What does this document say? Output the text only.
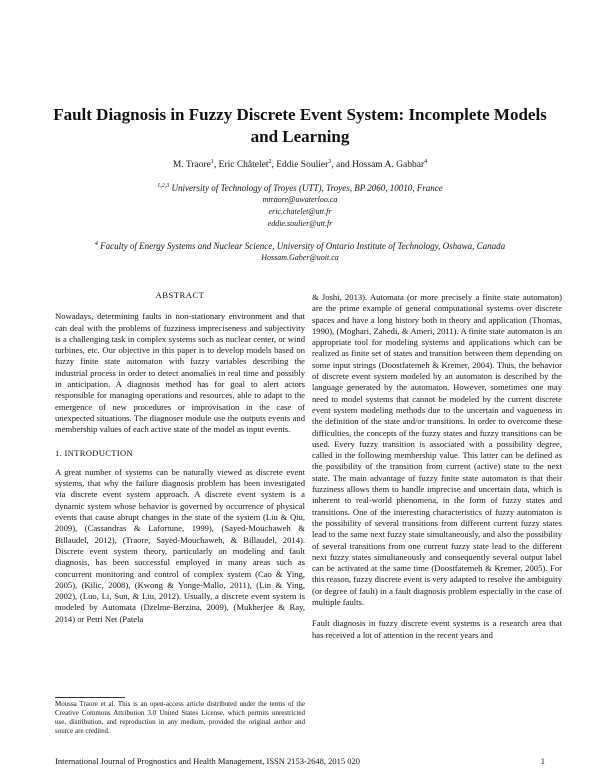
Fault Diagnosis in Fuzzy Discrete Event System: Incomplete Models
and Learning
M. Traore$^1$, Eric Châtelet$^2$, Eddie Soulier$^3$, and Hossam A. Gabbar$^4$
$^{1,2,3}$ University of Technology of Troyes (UTT), Troyes, BP 2060, 10010, France
mtraore@uwaterloo.ca
eric.chatelet@utt.fr
eddie.soulier@utt.fr
$^4$ Faculty of Energy Systems and Nuclear Science, University of Ontario Institute of Technology, Oshawa, Canada
Hossam.Gaber@uoit.ca
ABSTRACT

Nowadays, determining faults in non-stationary environment and that can deal with the problems of fuzziness impreciseness and subjectivity is a challenging task in complex systems such as nuclear center, or wind turbines, etc. Our objective in this paper is to develop models based on fuzzy finite state automaton with fuzzy variables describing the industrial process in order to detect anomalies in real time and possibly in anticipation. A diagnosis method has for goal to alert actors responsible for managing operations and resources, able to adapt to the emergence of new procedures or improvisation in the case of unexpected situations. The diagnoser module use the outputs events and membership values of each active state of the model as input events.

1. INTRODUCTION

A great number of systems can be naturally viewed as discrete event systems, that why the failure diagnosis problem has been investigated via discrete event system approach. A discrete event system is a dynamic system whose behavior is governed by occurrence of physical events that cause abrupt changes in the state of the system (Liu & Qiu, 2009), (Cassandras & Lafortune, 1999), (Sayed-Mouchaweh & Billaudel, 2012), (Traore, Sayed-Mouchaweh, & Billaudel, 2014). Discrete event system theory, particularly on modeling and fault diagnosis, has been successful employed in many areas such as concurrent monitoring and control of complex system (Cao & Ying, 2005), (Kilic, 2008), (Kwong & Yonge-Mallo, 2011), (Lin & Ying, 2002), (Luo, Li, Sun, & Liu, 2012). Usually, a discrete event system is modeled by Automata (Dzelme-Berzina, 2009), (Mukherjee & Ray, 2014) or Petri Net (Patela

Moussa Traore et al. This is an open-access article distributed under the terms of the Creative Commons Attribution 3.0 United States License, which permits unrestricted use, distribution, and reproduction in any medium, provided the original author and source are credited.

& Joshi, 2013). Automata (or more precisely a finite state automaton) are the prime example of general computational systems over discrete spaces and have a long history both in theory and application (Thomas, 1990), (Moghari, Zahedi, & Ameri, 2011). A finite state automaton is an appropriate tool for modeling systems and applications which can be realized as finite set of states and transition between them depending on some input strings (Doostfatemeh & Kremer, 2004). Thus, the behavior of discrete event system modeled by an automaton is described by the language generated by the automaton. However, sometimes one may need to model systems that cannot be modeled by the current discrete event system modeling methods due to the uncertain and vagueness in the definition of the state and/or transitions. In order to overcome these difficulties, the concepts of the fuzzy states and fuzzy transitions can be used. Every fuzzy transition is associated with a possibility degree, called in the following membership value. This latter can be defined as the possibility of the transition from current (active) state to the next state. The main advantage of fuzzy finite state automaton is that their fuzziness allows them to handle imprecise and uncertain data, which is inherent to real-world phenomena, in the form of fuzzy states and transitions. One of the interesting characteristics of fuzzy automaton is the possibility of several transitions from different current fuzzy states lead to the same next fuzzy state simultaneously, and also the possibility of several transitions from one current fuzzy state lead to the different next fuzzy states simultaneously and consequently several output label can be activated at the same time (Doostfatemeh & Kremer, 2005). For this reason, fuzzy discrete event is very adapted to resolve the ambiguity (or degree of fault) in a fault diagnosis problem especially in the case of multiple faults.

Fault diagnosis in fuzzy discrete event systems is a research area that has received a lot of attention in the recent years and

International Journal of Prognostics and Health Management, ISSN 2153-2648, 2015 020	1
